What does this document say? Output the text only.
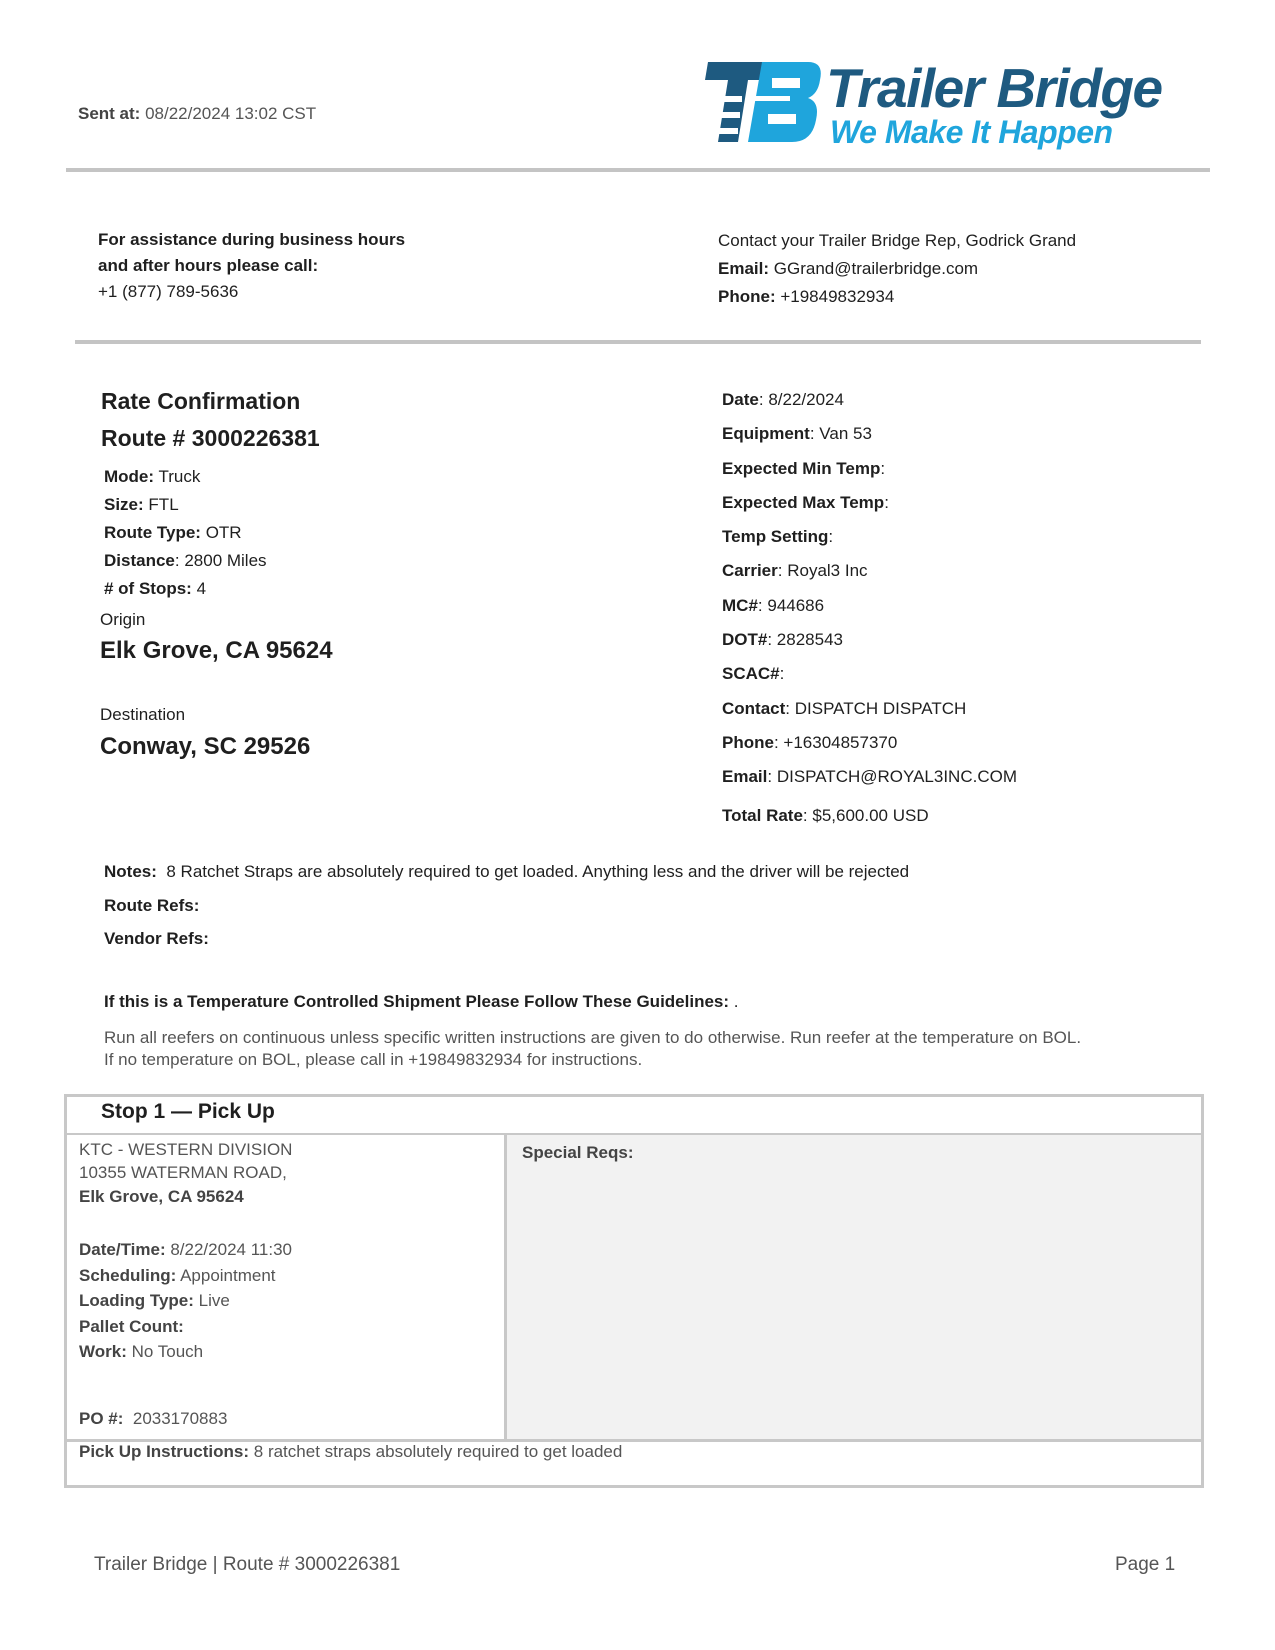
Sent at: 08/22/2024 13:02 CST	Trailer Bridge
We Make It Happen
For assistance during business hours
and after hours please call:
+1 (877) 789-5636
Contact your Trailer Bridge Rep, Godrick Grand
Email: GGrand@trailerbridge.com
Phone: +19849832934
Rate Confirmation
Route # 3000226381
Mode: Truck
Size: FTL
Route Type: OTR
Distance: 2800 Miles
# of Stops: 4
Origin
Elk Grove, CA 95624
Destination
Conway, SC 29526
Date: 8/22/2024
Equipment: Van 53
Expected Min Temp:
Expected Max Temp:
Temp Setting:
Carrier: Royal3 Inc
MC#: 944686
DOT#: 2828543
SCAC#:
Contact: DISPATCH DISPATCH
Phone: +16304857370
Email: DISPATCH@ROYAL3INC.COM
Total Rate: $5,600.00 USD
Notes: 8 Ratchet Straps are absolutely required to get loaded. Anything less and the driver will be rejected
Route Refs:
Vendor Refs:
If this is a Temperature Controlled Shipment Please Follow These Guidelines: .
Run all reefers on continuous unless specific written instructions are given to do otherwise. Run reefer at the temperature on BOL.
If no temperature on BOL, please call in +19849832934 for instructions.
Stop 1 — Pick Up
KTC - WESTERN DIVISION
10355 WATERMAN ROAD,
Elk Grove, CA 95624
Date/Time: 8/22/2024 11:30
Scheduling: Appointment
Loading Type: Live
Pallet Count:
Work: No Touch
PO #: 2033170883
Special Reqs:
Pick Up Instructions: 8 ratchet straps absolutely required to get loaded
Trailer Bridge | Route # 3000226381	Page 1
